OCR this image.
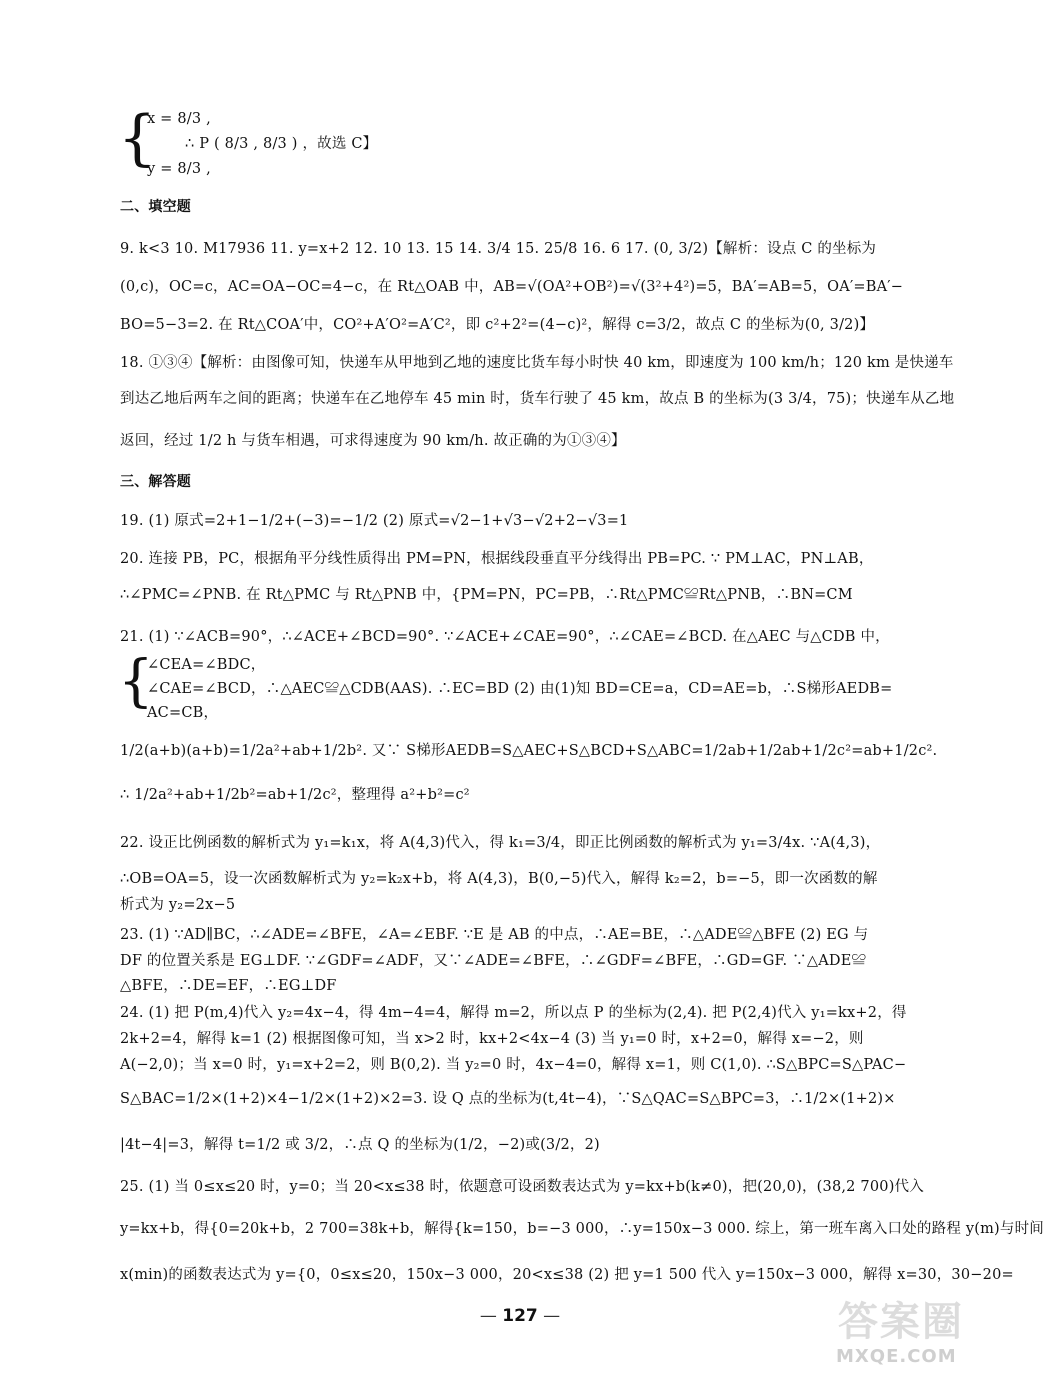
{
x = 8/3 ,
∴ P ( 8/3 , 8/3 ) ，故选 C】
y = 8/3 ,
二、填空题
9. k<3 10. M17936 11. y=x+2 12. 10 13. 15 14. 3/4 15. 25/8 16. 6 17. (0, 3/2)【解析：设点 C 的坐标为
(0,c)，OC=c，AC=OA−OC=4−c，在 Rt△OAB 中，AB=√(OA²+OB²)=√(3²+4²)=5，BA′=AB=5，OA′=BA′−
BO=5−3=2. 在 Rt△COA′中，CO²+A′O²=A′C²，即 c²+2²=(4−c)²，解得 c=3/2，故点 C 的坐标为(0, 3/2)】
18. ①③④【解析：由图像可知，快递车从甲地到乙地的速度比货车每小时快 40 km，即速度为 100 km/h；120 km 是快递车
到达乙地后两车之间的距离；快递车在乙地停车 45 min 时，货车行驶了 45 km，故点 B 的坐标为(3 3/4，75)；快递车从乙地
返回，经过 1/2 h 与货车相遇，可求得速度为 90 km/h. 故正确的为①③④】
三、解答题
19. (1) 原式=2+1−1/2+(−3)=−1/2 (2) 原式=√2−1+√3−√2+2−√3=1
20. 连接 PB，PC，根据角平分线性质得出 PM=PN，根据线段垂直平分线得出 PB=PC. ∵ PM⊥AC，PN⊥AB，
∴∠PMC=∠PNB. 在 Rt△PMC 与 Rt△PNB 中，{PM=PN，PC=PB，∴Rt△PMC≌Rt△PNB，∴BN=CM
21. (1) ∵∠ACB=90°，∴∠ACE+∠BCD=90°. ∵∠ACE+∠CAE=90°，∴∠CAE=∠BCD. 在△AEC 与△CDB 中，
{
∠CEA=∠BDC，
∠CAE=∠BCD，∴△AEC≌△CDB(AAS). ∴EC=BD (2) 由(1)知 BD=CE=a，CD=AE=b，∴S梯形AEDB=
AC=CB，
1/2(a+b)(a+b)=1/2a²+ab+1/2b². 又∵ S梯形AEDB=S△AEC+S△BCD+S△ABC=1/2ab+1/2ab+1/2c²=ab+1/2c².
∴ 1/2a²+ab+1/2b²=ab+1/2c²，整理得 a²+b²=c²
22. 设正比例函数的解析式为 y₁=k₁x，将 A(4,3)代入，得 k₁=3/4，即正比例函数的解析式为 y₁=3/4x. ∵A(4,3)，
∴OB=OA=5，设一次函数解析式为 y₂=k₂x+b，将 A(4,3)，B(0,−5)代入，解得 k₂=2，b=−5，即一次函数的解
析式为 y₂=2x−5
23. (1) ∵AD∥BC，∴∠ADE=∠BFE，∠A=∠EBF. ∵E 是 AB 的中点，∴AE=BE，∴△ADE≌△BFE (2) EG 与
DF 的位置关系是 EG⊥DF. ∵∠GDF=∠ADF，又∵∠ADE=∠BFE，∴∠GDF=∠BFE，∴GD=GF. ∵△ADE≌
△BFE，∴DE=EF，∴EG⊥DF
24. (1) 把 P(m,4)代入 y₂=4x−4，得 4m−4=4，解得 m=2，所以点 P 的坐标为(2,4). 把 P(2,4)代入 y₁=kx+2，得
2k+2=4，解得 k=1 (2) 根据图像可知，当 x>2 时，kx+2<4x−4 (3) 当 y₁=0 时，x+2=0，解得 x=−2，则
A(−2,0)；当 x=0 时，y₁=x+2=2，则 B(0,2). 当 y₂=0 时，4x−4=0，解得 x=1，则 C(1,0). ∴S△BPC=S△PAC−
S△BAC=1/2×(1+2)×4−1/2×(1+2)×2=3. 设 Q 点的坐标为(t,4t−4)，∵S△QAC=S△BPC=3，∴1/2×(1+2)×
|4t−4|=3，解得 t=1/2 或 3/2，∴点 Q 的坐标为(1/2，−2)或(3/2，2)
25. (1) 当 0≤x≤20 时，y=0；当 20<x≤38 时，依题意可设函数表达式为 y=kx+b(k≠0)，把(20,0)，(38,2 700)代入
y=kx+b，得{0=20k+b，2 700=38k+b，解得{k=150，b=−3 000，∴y=150x−3 000. 综上，第一班车离入口处的路程 y(m)与时间
x(min)的函数表达式为 y={0，0≤x≤20，150x−3 000，20<x≤38 (2) 把 y=1 500 代入 y=150x−3 000，解得 x=30，30−20=
— 127 —	答案圈
MXQE.COM
